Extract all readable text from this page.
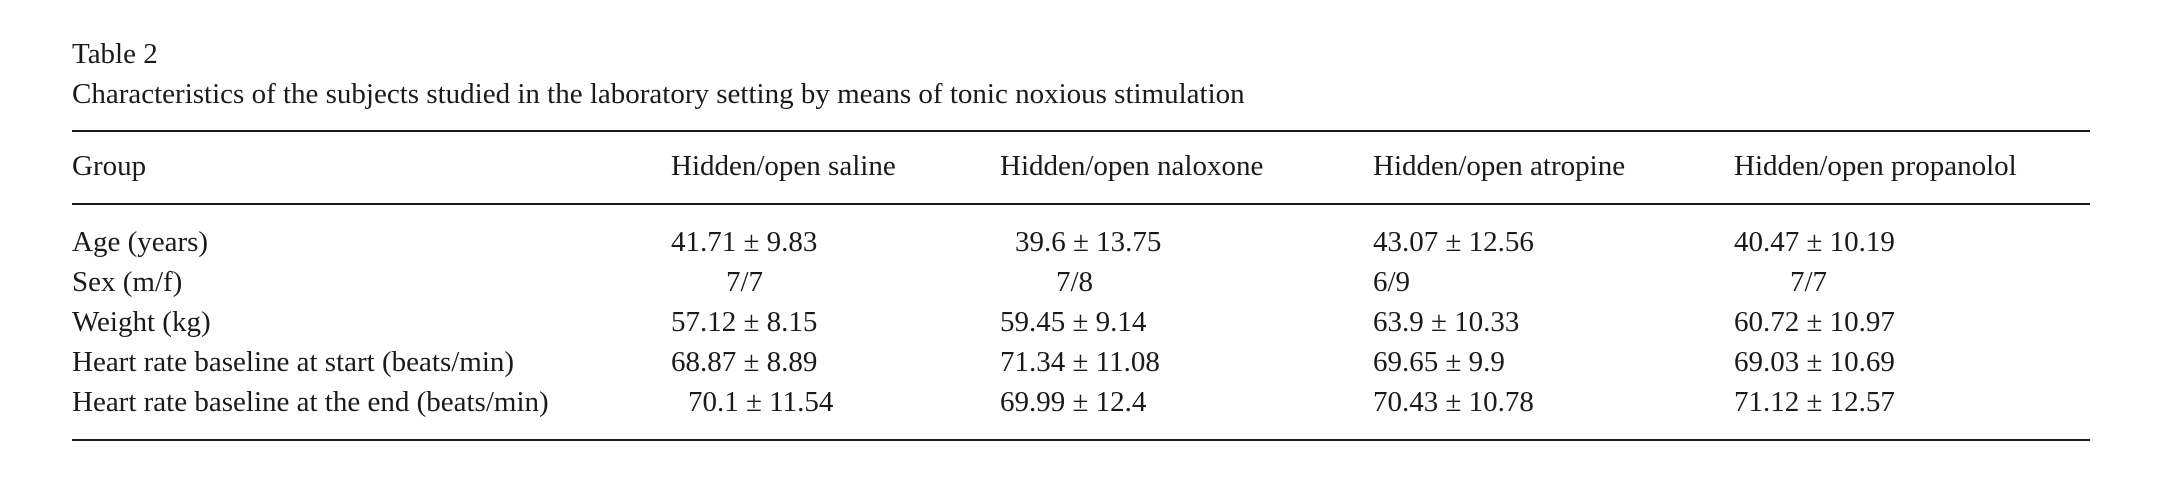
Table 2
Characteristics of the subjects studied in the laboratory setting by means of tonic noxious stimulation
Group	Hidden/open saline	Hidden/open naloxone	Hidden/open atropine	Hidden/open propanolol
Age (years)	41.71 ± 9.83	39.6 ± 13.75	43.07 ± 12.56	40.47 ± 10.19
Sex (m/f)	7/7	7/8	6/9	7/7
Weight (kg)	57.12 ± 8.15	59.45 ± 9.14	63.9 ± 10.33	60.72 ± 10.97
Heart rate baseline at start (beats/min)	68.87 ± 8.89	71.34 ± 11.08	69.65 ± 9.9	69.03 ± 10.69
Heart rate baseline at the end (beats/min)	70.1 ± 11.54	69.99 ± 12.4	70.43 ± 10.78	71.12 ± 12.57
